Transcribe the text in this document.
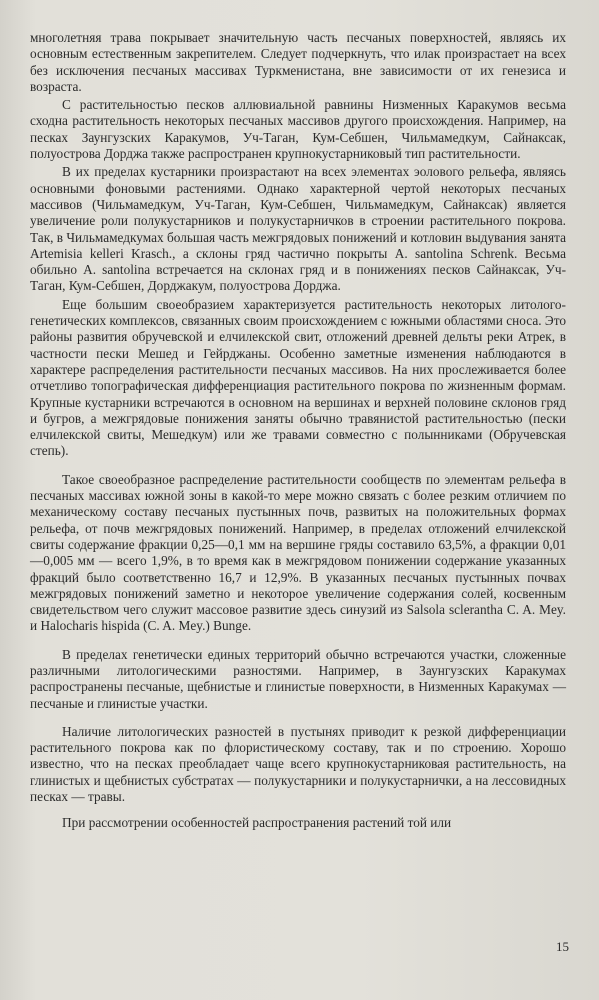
многолетняя трава покрывает значительную часть песчаных поверхностей, являясь их основным естественным закрепителем. Следует подчеркнуть, что илак произрастает на всех без исключения песчаных массивах Туркменистана, вне зависимости от их генезиса и возраста.

С растительностью песков аллювиальной равнины Низменных Каракумов весьма сходна растительность некоторых песчаных массивов другого происхождения. Например, на песках Заунгузских Каракумов, Уч-Таган, Кум-Себшен, Чильмамедкум, Сайнаксак, полуострова Дорджа также распространен крупнокустарниковый тип растительности.

В их пределах кустарники произрастают на всех элементах эолового рельефа, являясь основными фоновыми растениями. Однако характерной чертой некоторых песчаных массивов (Чильмамедкум, Уч-Таган, Кум-Себшен, Чильмамедкум, Сайнаксак) является увеличение роли полукустарников и полукустарничков в строении растительного покрова. Так, в Чильмамедкумах большая часть межгрядовых понижений и котловин выдувания занята Artemisia kelleri Krasch., а склоны гряд частично покрыты A. santolina Schrenk. Весьма обильно A. santolina встречается на склонах гряд и в понижениях песков Сайнаксак, Уч-Таган, Кум-Себшен, Дорджакум, полуострова Дорджа.

Еще большим своеобразием характеризуется растительность некоторых литолого-генетических комплексов, связанных своим происхождением с южными областями сноса. Это районы развития обручевской и елчилекской свит, отложений древней дельты реки Атрек, в частности пески Мешед и Гейрджаны. Особенно заметные изменения наблюдаются в характере распределения растительности песчаных массивов. На них прослеживается более отчетливо топографическая дифференциация растительного покрова по жизненным формам. Крупные кустарники встречаются в основном на вершинах и верхней половине склонов гряд и бугров, а межгрядовые понижения заняты обычно травянистой растительностью (пески елчилекской свиты, Мешедкум) или же травами совместно с полынниками (Обручевская степь).

Такое своеобразное распределение растительности сообществ по элементам рельефа в песчаных массивах южной зоны в какой-то мере можно связать с более резким отличием по механическому составу песчаных пустынных почв, развитых на положительных формах рельефа, от почв межгрядовых понижений. Например, в пределах отложений елчилекской свиты содержание фракции 0,25—0,1 мм на вершине гряды составило 63,5%, а фракции 0,01—0,005 мм — всего 1,9%, в то время как в межгрядовом понижении содержание указанных фракций было соответственно 16,7 и 12,9%. В указанных песчаных пустынных почвах межгрядовых понижений заметно и некоторое увеличение содержания солей, косвенным свидетельством чего служит массовое развитие здесь синузий из Salsola sclerantha C. A. Mey. и Halocharis hispida (C. A. Mey.) Bunge.

В пределах генетически единых территорий обычно встречаются участки, сложенные различными литологическими разностями. Например, в Заунгузских Каракумах распространены песчаные, щебнистые и глинистые поверхности, в Низменных Каракумах — песчаные и глинистые участки.

Наличие литологических разностей в пустынях приводит к резкой дифференциации растительного покрова как по флористическому составу, так и по строению. Хорошо известно, что на песках преобладает чаще всего крупнокустарниковая растительность, на глинистых и щебнистых субстратах — полукустарники и полукустарнички, а на лессовидных песках — травы.

При рассмотрении особенностей распространения растений той или

15
